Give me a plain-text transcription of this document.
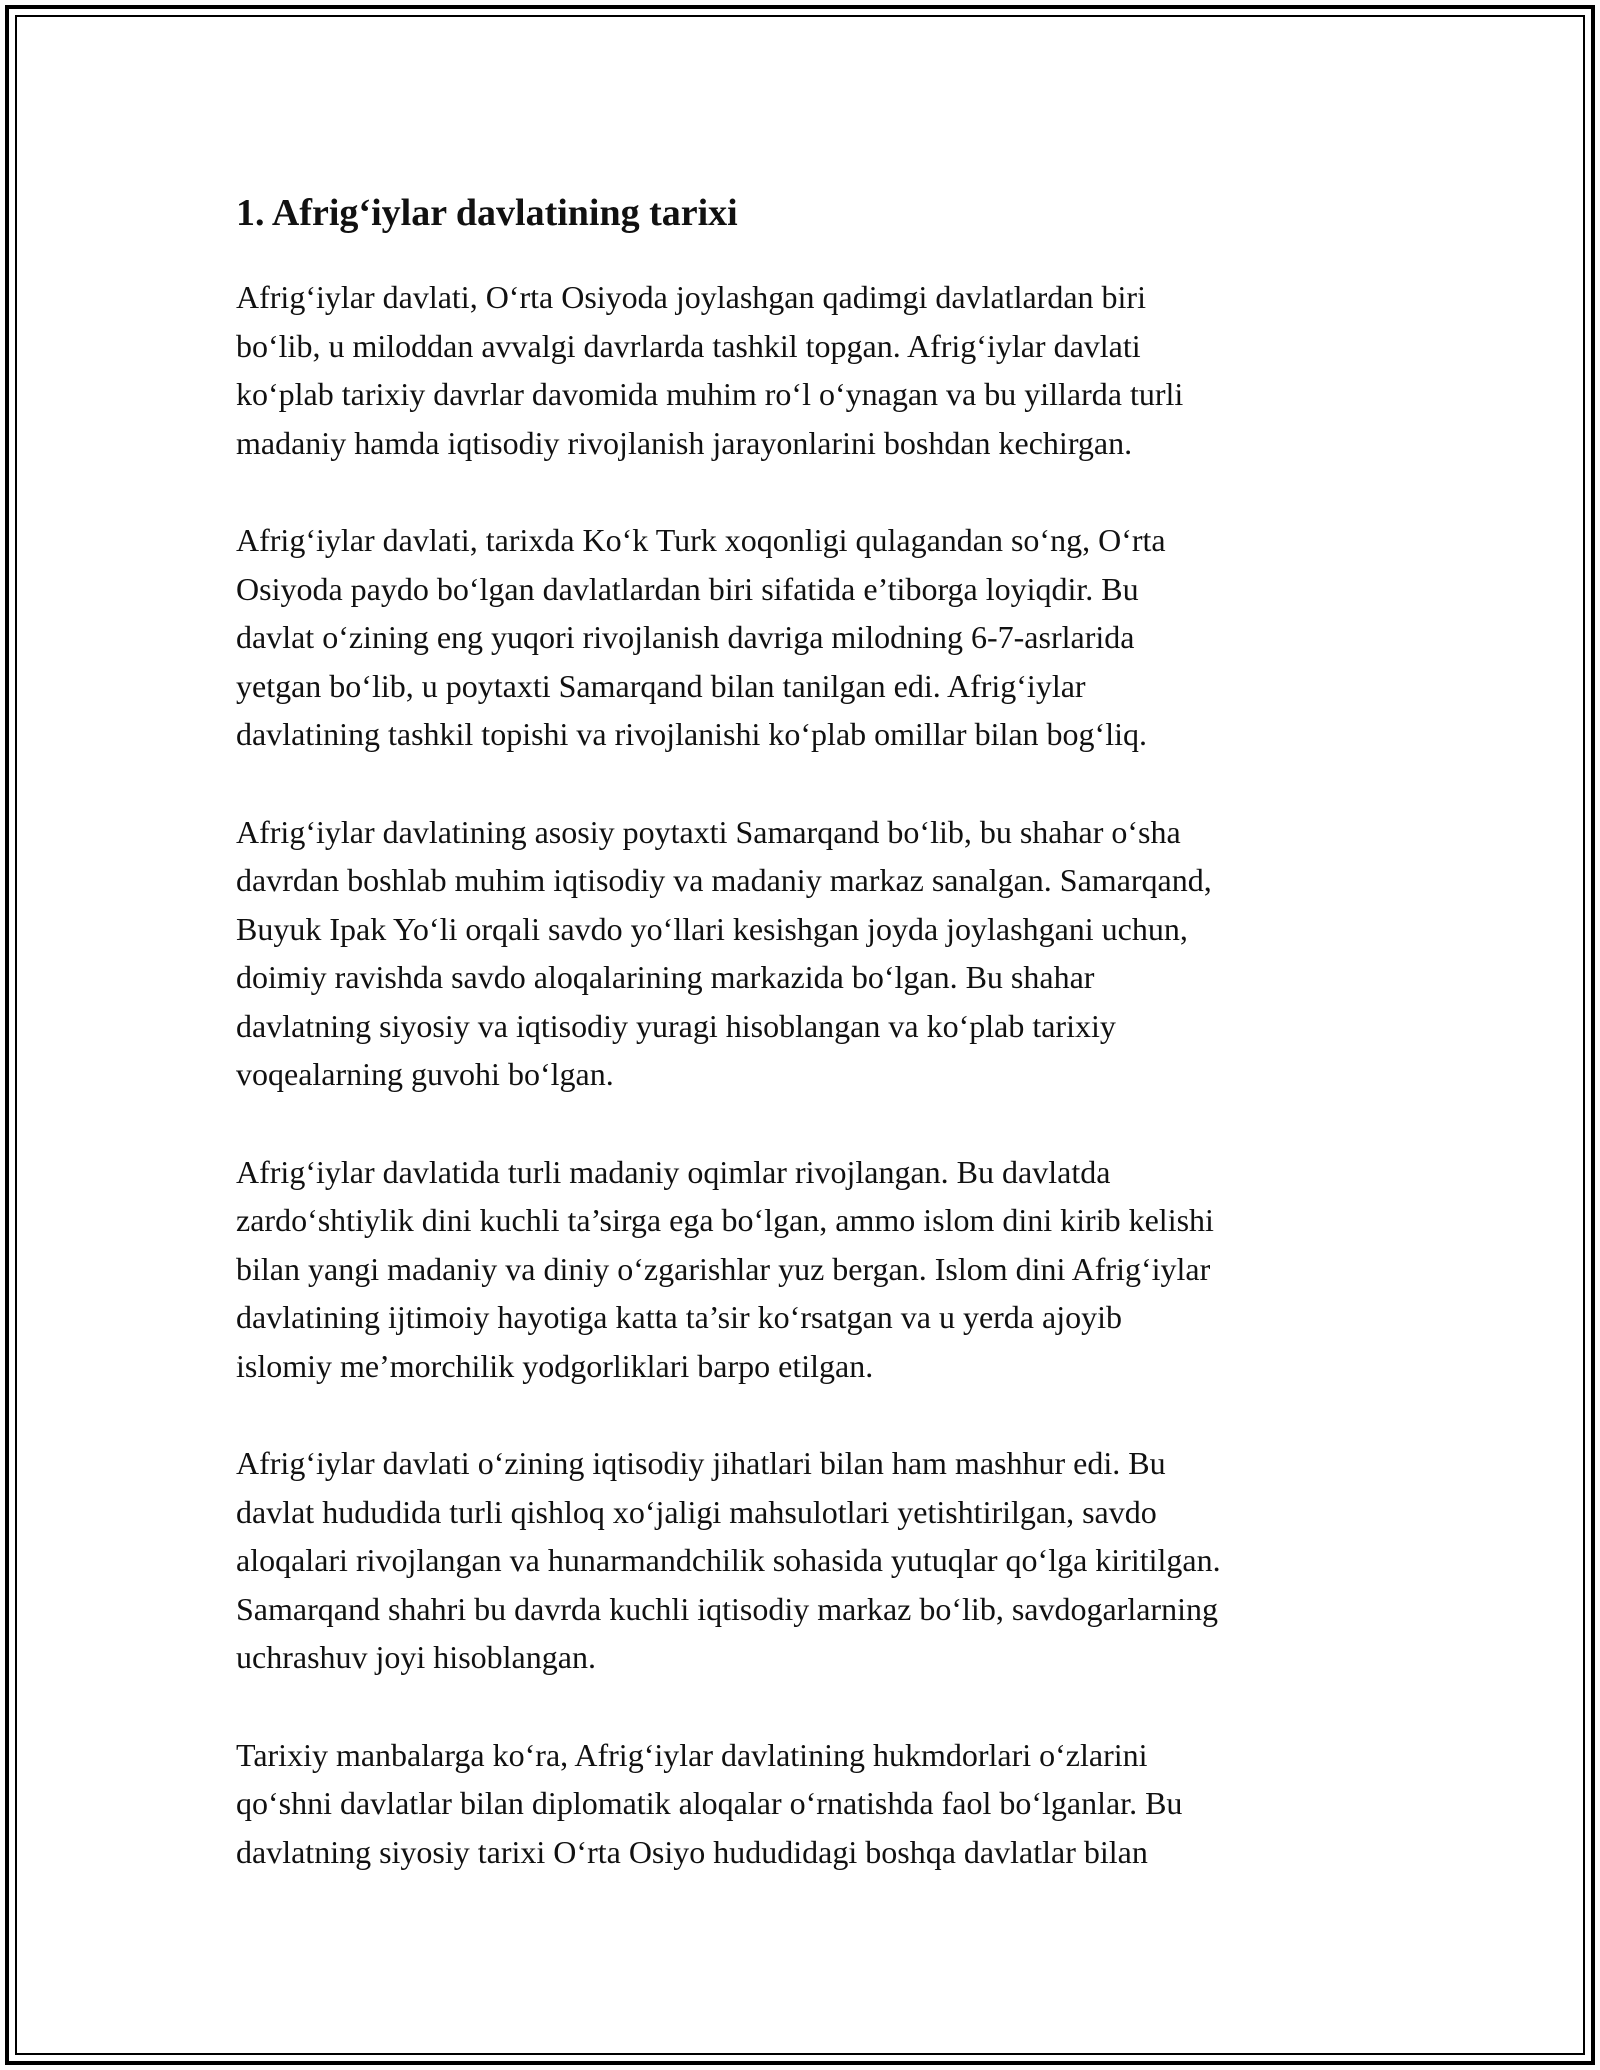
1. Afrig‘iylar davlatining tarixi

Afrig‘iylar davlati, O‘rta Osiyoda joylashgan qadimgi davlatlardan biri
bo‘lib, u miloddan avvalgi davrlarda tashkil topgan. Afrig‘iylar davlati
ko‘plab tarixiy davrlar davomida muhim ro‘l o‘ynagan va bu yillarda turli
madaniy hamda iqtisodiy rivojlanish jarayonlarini boshdan kechirgan.

Afrig‘iylar davlati, tarixda Ko‘k Turk xoqonligi qulagandan so‘ng, O‘rta
Osiyoda paydo bo‘lgan davlatlardan biri sifatida e’tiborga loyiqdir. Bu
davlat o‘zining eng yuqori rivojlanish davriga milodning 6-7-asrlarida
yetgan bo‘lib, u poytaxti Samarqand bilan tanilgan edi. Afrig‘iylar
davlatining tashkil topishi va rivojlanishi ko‘plab omillar bilan bog‘liq.

Afrig‘iylar davlatining asosiy poytaxti Samarqand bo‘lib, bu shahar o‘sha
davrdan boshlab muhim iqtisodiy va madaniy markaz sanalgan. Samarqand,
Buyuk Ipak Yo‘li orqali savdo yo‘llari kesishgan joyda joylashgani uchun,
doimiy ravishda savdo aloqalarining markazida bo‘lgan. Bu shahar
davlatning siyosiy va iqtisodiy yuragi hisoblangan va ko‘plab tarixiy
voqealarning guvohi bo‘lgan.

Afrig‘iylar davlatida turli madaniy oqimlar rivojlangan. Bu davlatda
zardo‘shtiylik dini kuchli ta’sirga ega bo‘lgan, ammo islom dini kirib kelishi
bilan yangi madaniy va diniy o‘zgarishlar yuz bergan. Islom dini Afrig‘iylar
davlatining ijtimoiy hayotiga katta ta’sir ko‘rsatgan va u yerda ajoyib
islomiy me’morchilik yodgorliklari barpo etilgan.

Afrig‘iylar davlati o‘zining iqtisodiy jihatlari bilan ham mashhur edi. Bu
davlat hududida turli qishloq xo‘jaligi mahsulotlari yetishtirilgan, savdo
aloqalari rivojlangan va hunarmandchilik sohasida yutuqlar qo‘lga kiritilgan.
Samarqand shahri bu davrda kuchli iqtisodiy markaz bo‘lib, savdogarlarning
uchrashuv joyi hisoblangan.

Tarixiy manbalarga ko‘ra, Afrig‘iylar davlatining hukmdorlari o‘zlarini
qo‘shni davlatlar bilan diplomatik aloqalar o‘rnatishda faol bo‘lganlar. Bu
davlatning siyosiy tarixi O‘rta Osiyo hududidagi boshqa davlatlar bilan
